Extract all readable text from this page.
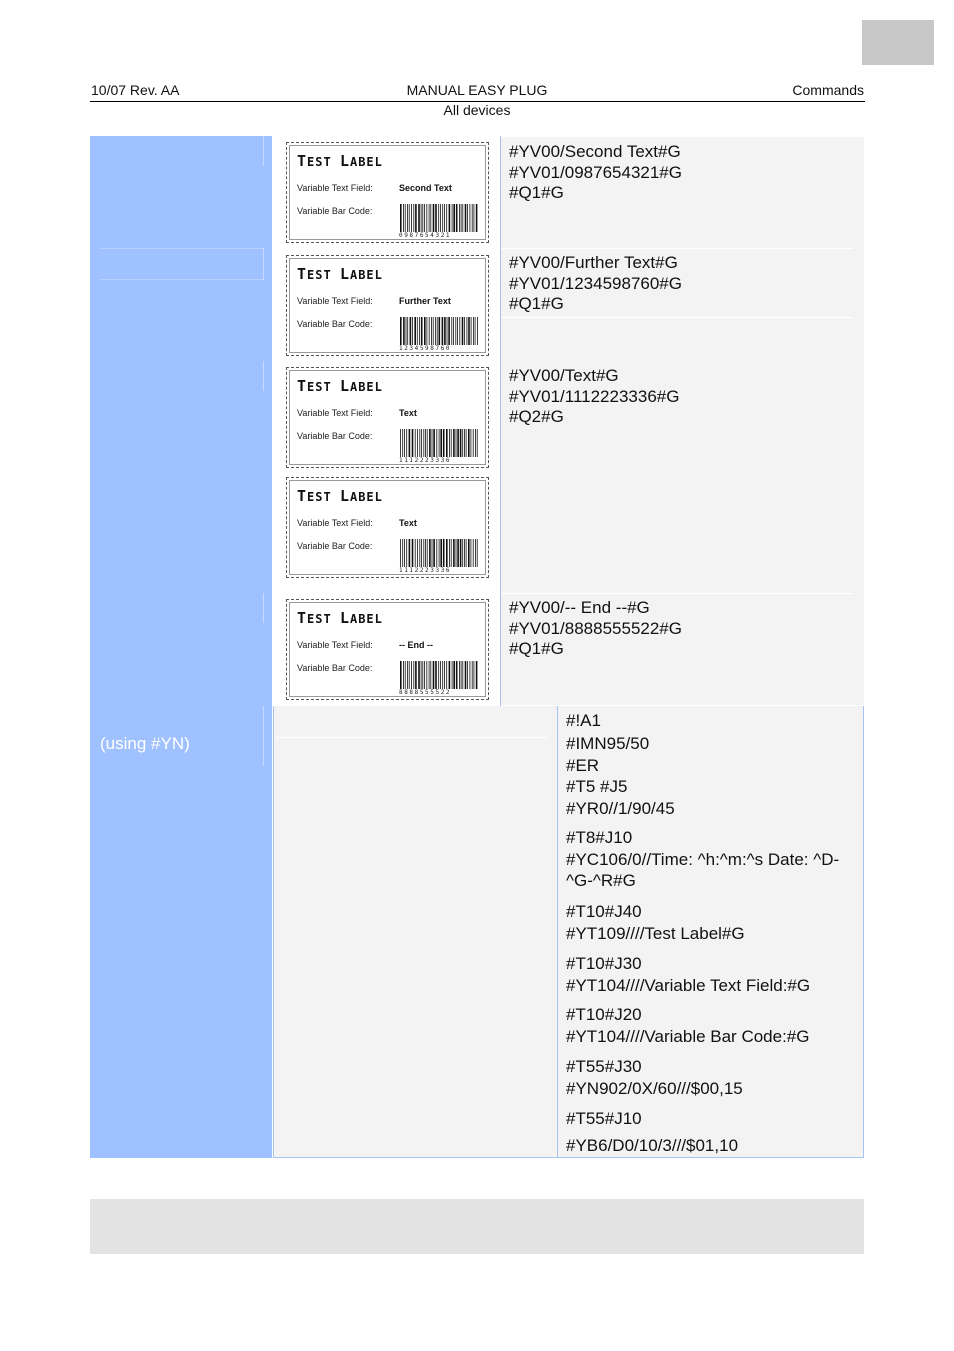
10/07 Rev. AA	MANUAL EASY PLUG	Commands
All devices
(using #YN)
TEST LABEL
Variable Text Field:
Variable Bar Code:
Second Text
0987654321
TEST LABEL
Variable Text Field:
Variable Bar Code:
Further Text
1234598760
TEST LABEL
Variable Text Field:
Variable Bar Code:
Text
1112223336
TEST LABEL
Variable Text Field:
Variable Bar Code:
Text
1112223336
TEST LABEL
Variable Text Field:
Variable Bar Code:
-- End --
8888555522
#YV00/Second Text#G
#YV01/0987654321#G
#Q1#G
#YV00/Further Text#G
#YV01/1234598760#G
#Q1#G
#YV00/Text#G
#YV01/1112223336#G
#Q2#G
#YV00/-- End --#G
#YV01/8888555522#G
#Q1#G
#!A1
#IMN95/50
#ER
#T5 #J5
#YR0//1/90/45
#T8#J10
#YC106/0//Time: ^h:^m:^s Date: ^D-
^G-^R#G
#T10#J40
#YT109////Test Label#G
#T10#J30
#YT104////Variable Text Field:#G
#T10#J20
#YT104////Variable Bar Code:#G
#T55#J30
#YN902/0X/60///$00,15
#T55#J10
#YB6/D0/10/3///$01,10
